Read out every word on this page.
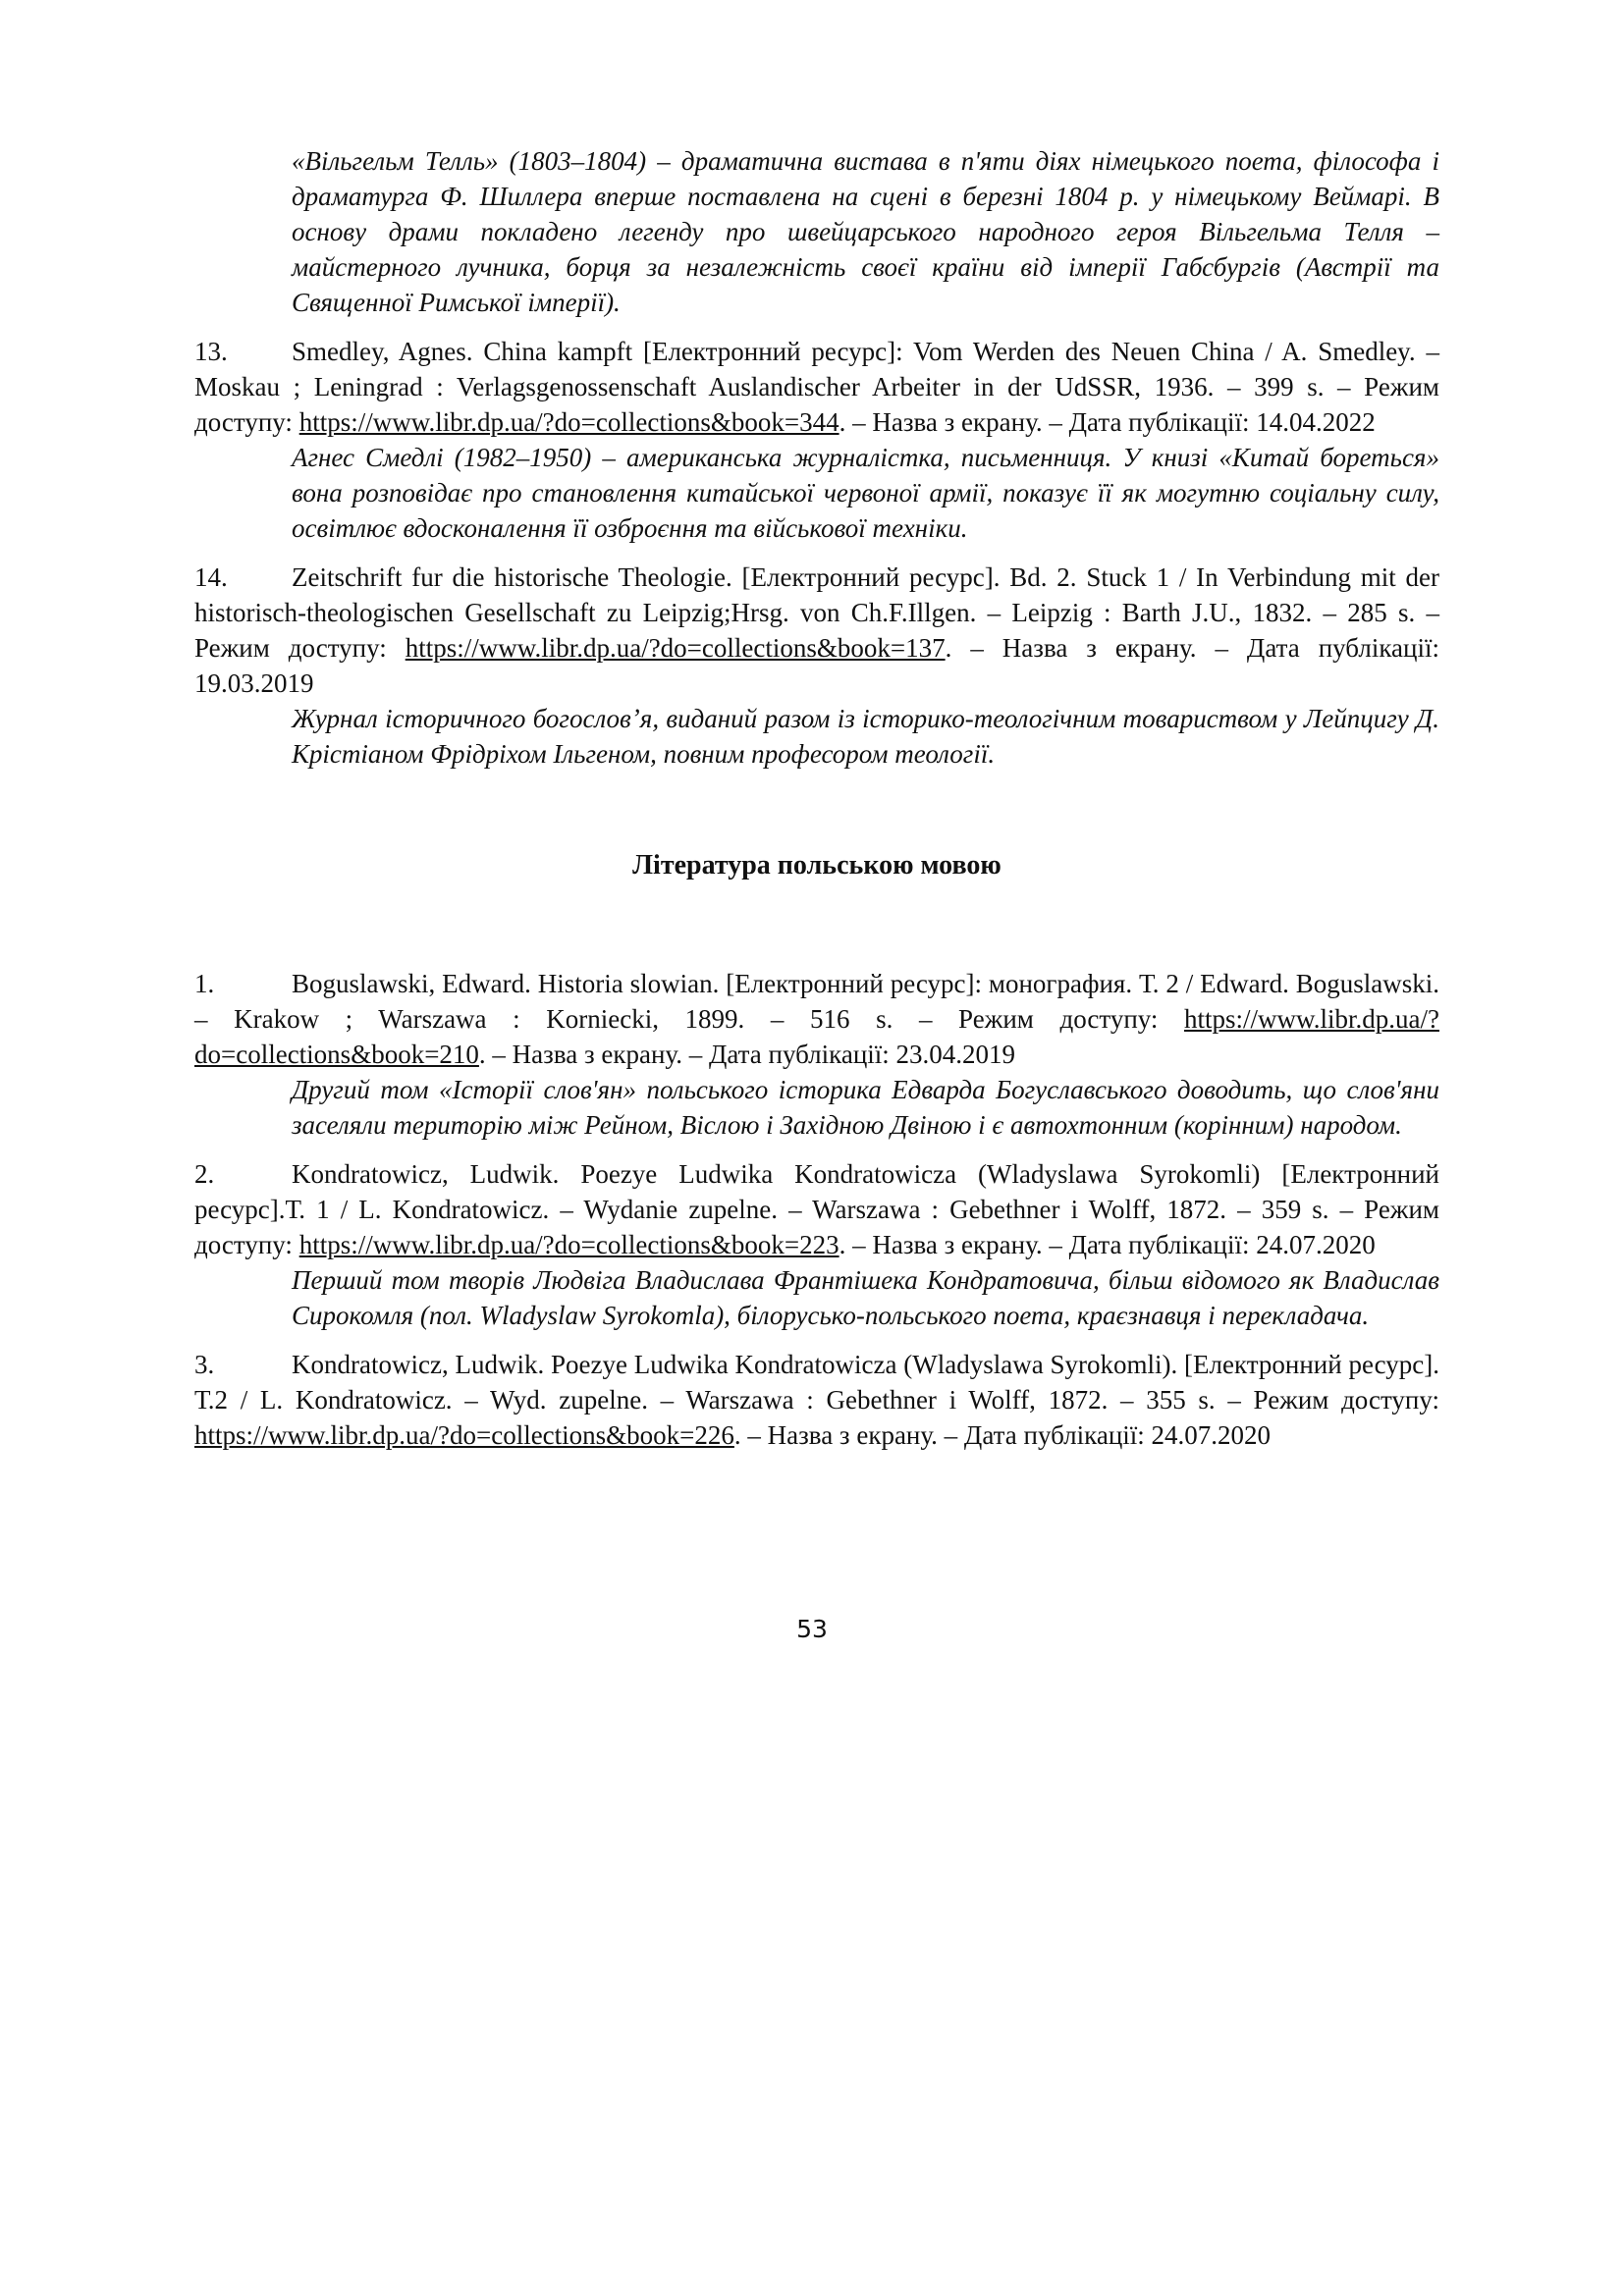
«Вільгельм Телль» (1803–1804) – драматична вистава в п'яти діях німецького поета, філософа і драматурга Ф. Шиллера вперше поставлена на сцені в березні 1804 р. у німецькому Веймарі. В основу драми покладено легенду про швейцарського народного героя Вільгельма Телля – майстерного лучника, борця за незалежність своєї країни від імперії Габсбургів (Австрії та Священної Римської імперії).

13. Smedley, Agnes. China kampft [Електронний ресурс]: Vom Werden des Neuen China / A. Smedley. – Moskau ; Leningrad : Verlagsgenossenschaft Auslandischer Arbeiter in der UdSSR, 1936. – 399 s. – Режим доступу: https://www.libr.dp.ua/?do=collections&book=344. – Назва з екрану. – Дата публікації: 14.04.2022

Агнес Смедлі (1982–1950) – американська журналістка, письменниця. У книзі «Китай бореться» вона розповідає про становлення китайської червоної армії, показує її як могутню соціальну силу, освітлює вдосконалення її озброєння та військової техніки.

14. Zeitschrift fur die historische Theologie. [Електронний ресурс]. Bd. 2. Stuck 1 / In Verbindung mit der historisch-theologischen Gesellschaft zu Leipzig;Hrsg. von Ch.F.Illgen. – Leipzig : Barth J.U., 1832. – 285 s. – Режим доступу: https://www.libr.dp.ua/?do=collections&book=137. – Назва з екрану. – Дата публікації: 19.03.2019

Журнал історичного богословʼя, виданий разом із історико-теологічним товариством у Лейпцигу Д. Крістіаном Фрідріхом Ільгеном, повним професором теології.

Література польською мовою

1.	Boguslawski, Edward. Historia slowian. [Електронний ресурс]: монография. Т. 2 / Edward. Boguslawski. – Krakow ; Warszawa : Korniecki, 1899. – 516 s. – Режим доступу: https://www.libr.dp.ua/?do=collections&book=210. – Назва з екрану. – Дата публікації: 23.04.2019

Другий том «Історії слов'ян» польського історика Едварда Богуславського доводить, що слов'яни заселяли територію між Рейном, Віслою і Західною Двіною і є автохтонним (корінним) народом.

2.	Kondratowicz, Ludwik. Poezye Ludwika Kondratowicza (Wladyslawa Syrokomli) [Електронний ресурс].Т. 1 / L. Kondratowicz. – Wydanie zupelne. – Warszawa : Gebethner i Wolff, 1872. – 359 s. – Режим доступу: https://www.libr.dp.ua/?do=collections&book=223. – Назва з екрану. – Дата публікації: 24.07.2020

Перший том творів Людвіга Владислава Франтішека Кондратовича, більш відомого як Владислав Сирокомля (пол. Wladyslaw Syrokomla), білорусько-польського поета, краєзнавця і перекладача.

3.	Kondratowicz, Ludwik. Poezye Ludwika Kondratowicza (Wladyslawa Syrokomli). [Електронний ресурс]. Т.2 / L. Kondratowicz. – Wyd. zupelne. – Warszawa : Gebethner i Wolff, 1872. – 355 s. – Режим доступу: https://www.libr.dp.ua/?do=collections&book=226. – Назва з екрану. – Дата публікації: 24.07.2020

53
